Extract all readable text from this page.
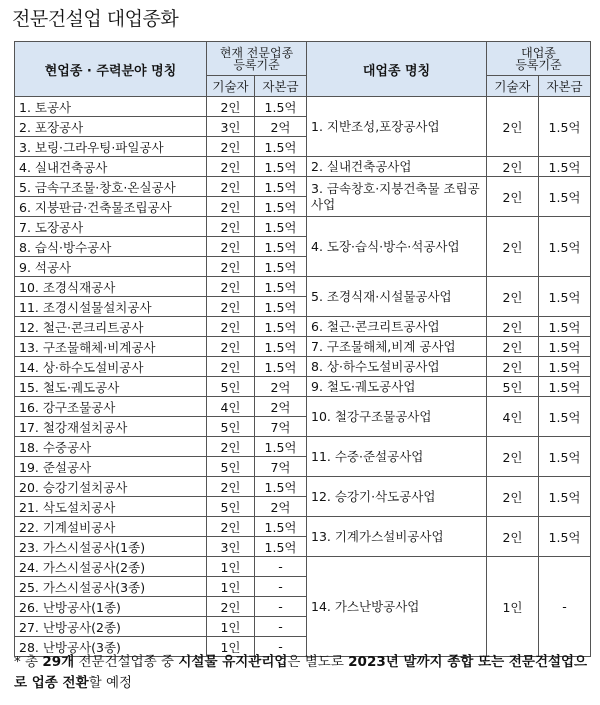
전문건설업 대업종화
현업종 · 주력분야 명칭	현재 전문업종
등록기준		대업종 명칭	대업종
등록기준	

	기술자	자본금		기술자	자본금
1. 토공사	2인	1.5억	1. 지반조성,포장공사업	2인	1.5억
2. 포장공사	3인	2억			
3. 보링·그라우팅·파일공사	2인	1.5억			
4. 실내건축공사	2인	1.5억	2. 실내건축공사업	2인	1.5억
5. 금속구조물·창호·온실공사	2인	1.5억	3. 금속창호·지붕건축물 조립공사업	2인	1.5억
6. 지붕판금·건축물조립공사	2인	1.5억			
7. 도장공사	2인	1.5억	4. 도장·습식·방수·석공사업	2인	1.5억
8. 습식·방수공사	2인	1.5억			
9. 석공사	2인	1.5억			
10. 조경식재공사	2인	1.5억	5. 조경식재·시설물공사업	2인	1.5억
11. 조경시설물설치공사	2인	1.5억			
12. 철근·콘크리트공사	2인	1.5억	6. 철근·콘크리트공사업	2인	1.5억
13. 구조물해체·비계공사	2인	1.5억	7. 구조물해체,비계 공사업	2인	1.5억
14. 상·하수도설비공사	2인	1.5억	8. 상·하수도설비공사업	2인	1.5억
15. 철도·궤도공사	5인	2억	9. 철도·궤도공사업	5인	1.5억
16. 강구조물공사	4인	2억	10. 철강구조물공사업	4인	1.5억
17. 철강재설치공사	5인	7억			
18. 수중공사	2인	1.5억	11. 수중·준설공사업	2인	1.5억
19. 준설공사	5인	7억			
20. 승강기설치공사	2인	1.5억	12. 승강기·삭도공사업	2인	1.5억
21. 삭도설치공사	5인	2억			
22. 기계설비공사	2인	1.5억	13. 기계가스설비공사업	2인	1.5억
23. 가스시설공사(1종)	3인	1.5억			
24. 가스시설공사(2종)	1인	-	14. 가스난방공사업	1인	-
25. 가스시설공사(3종)	1인	-			
26. 난방공사(1종)	2인	-			
27. 난방공사(2종)	1인	-			
28. 난방공사(3종)	1인	-			
* 총 29개 전문건설업종 중 시설물 유지관리업은 별도로 2023년 말까지 종합 또는 전문건설업으로 업종 전환할 예정
